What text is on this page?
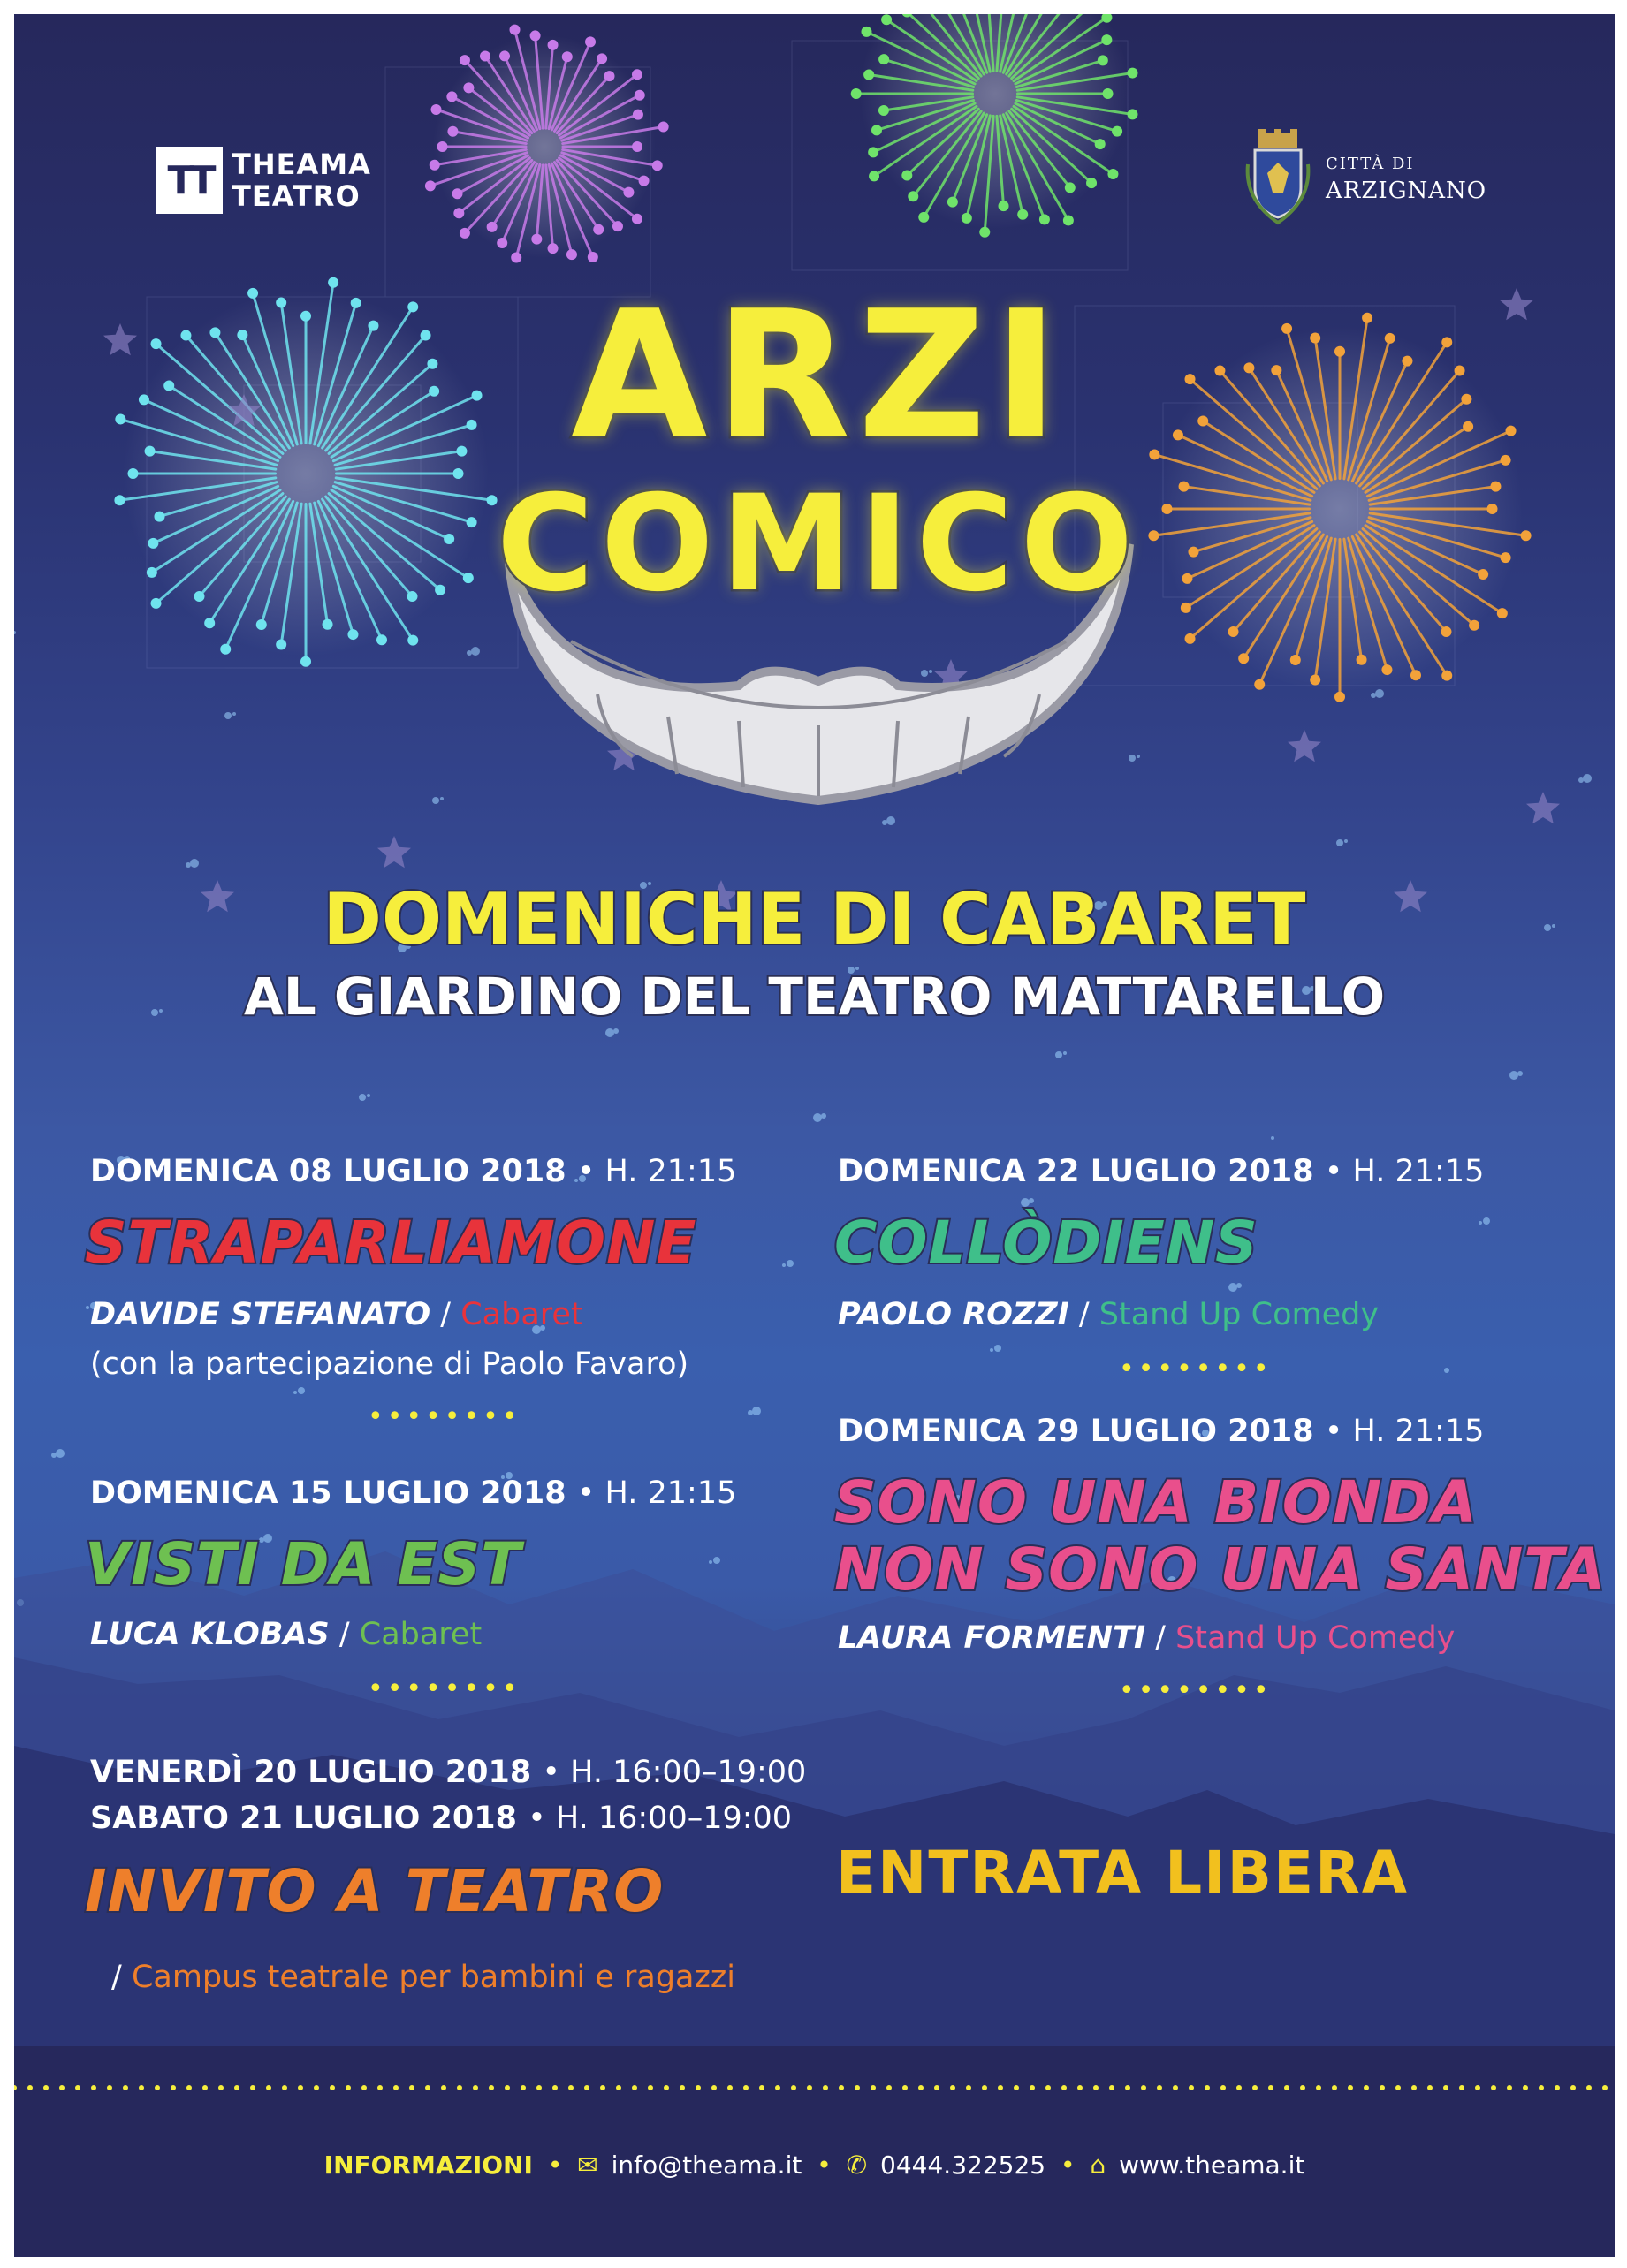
TT THEAMA
TEATRO
CITTÀ DI
ARZIGNANO
ARZI
COMICO
DOMENICHE DI CABARET
AL GIARDINO DEL TEATRO MATTARELLO
DOMENICA 08 LUGLIO 2018 • H. 21:15
STRAPARLIAMONE
DAVIDE STEFANATO / Cabaret
(con la partecipazione di Paolo Favaro)
••••••••
DOMENICA 15 LUGLIO 2018 • H. 21:15
VISTI DA EST
LUCA KLOBAS / Cabaret
••••••••
VENERDÌ 20 LUGLIO 2018 • H. 16:00–19:00
SABATO 21 LUGLIO 2018 • H. 16:00–19:00
INVITO A TEATRO
/ Campus teatrale per bambini e ragazzi
DOMENICA 22 LUGLIO 2018 • H. 21:15
COLLÒDIENS
PAOLO ROZZI / Stand Up Comedy
••••••••
DOMENICA 29 LUGLIO 2018 • H. 21:15
SONO UNA BIONDA
NON SONO UNA SANTA
LAURA FORMENTI / Stand Up Comedy
••••••••
ENTRATA LIBERA
INFORMAZIONI • ✉ info@theama.it • ✆ 0444.322525 • ⌂ www.theama.it
